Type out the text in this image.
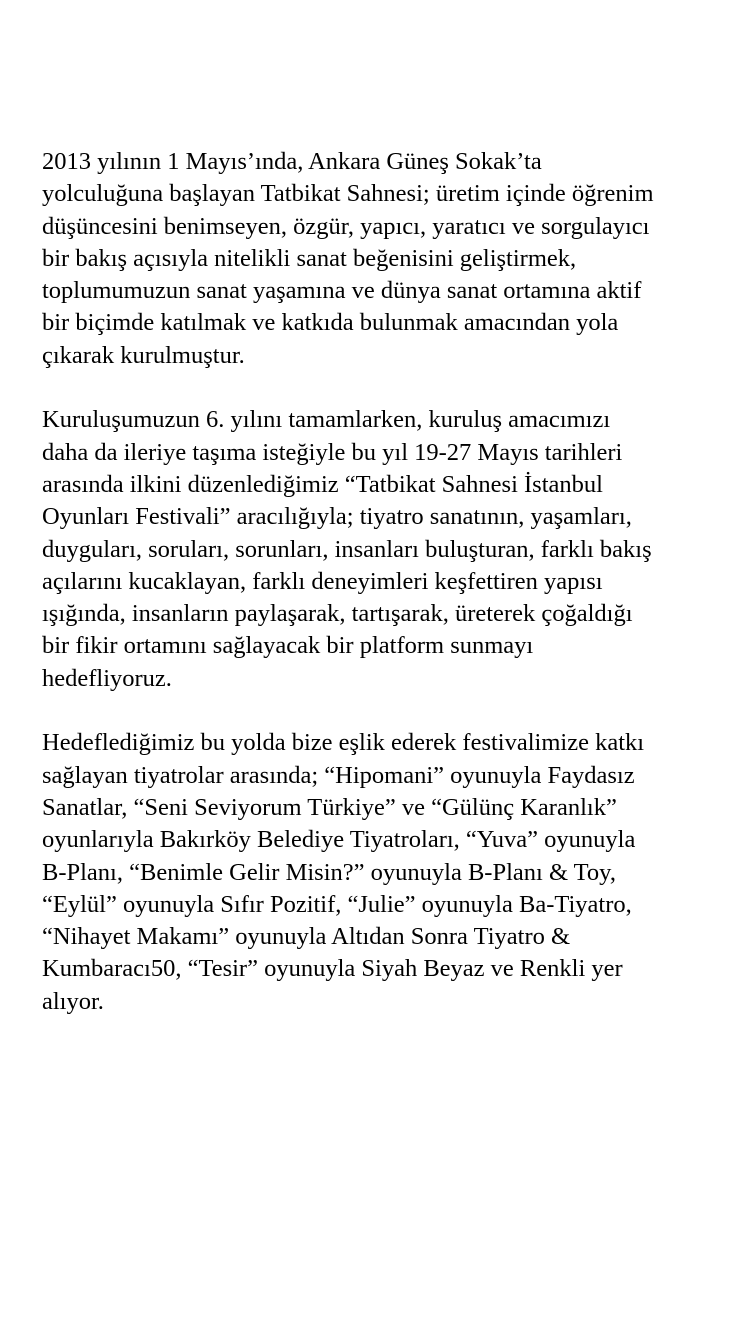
2013 yılının 1 Mayıs’ında, Ankara Güneş Sokak’ta
yolculuğuna başlayan Tatbikat Sahnesi; üretim içinde öğrenim
düşüncesini benimseyen, özgür, yapıcı, yaratıcı ve sorgulayıcı
bir bakış açısıyla nitelikli sanat beğenisini geliştirmek,
toplumumuzun sanat yaşamına ve dünya sanat ortamına aktif
bir biçimde katılmak ve katkıda bulunmak amacından yola
çıkarak kurulmuştur.

Kuruluşumuzun 6. yılını tamamlarken, kuruluş amacımızı
daha da ileriye taşıma isteğiyle bu yıl 19-27 Mayıs tarihleri
arasında ilkini düzenlediğimiz “Tatbikat Sahnesi İstanbul
Oyunları Festivali” aracılığıyla; tiyatro sanatının, yaşamları,
duyguları, soruları, sorunları, insanları buluşturan, farklı bakış
açılarını kucaklayan, farklı deneyimleri keşfettiren yapısı
ışığında, insanların paylaşarak, tartışarak, üreterek çoğaldığı
bir fikir ortamını sağlayacak bir platform sunmayı
hedefliyoruz.

Hedeflediğimiz bu yolda bize eşlik ederek festivalimize katkı
sağlayan tiyatrolar arasında; “Hipomani” oyunuyla Faydasız
Sanatlar, “Seni Seviyorum Türkiye” ve “Gülünç Karanlık”
oyunlarıyla Bakırköy Belediye Tiyatroları, “Yuva” oyunuyla
B-Planı, “Benimle Gelir Misin?” oyunuyla B-Planı & Toy,
“Eylül” oyunuyla Sıfır Pozitif, “Julie” oyunuyla Ba-Tiyatro,
“Nihayet Makamı” oyunuyla Altıdan Sonra Tiyatro &
Kumbaracı50, “Tesir” oyunuyla Siyah Beyaz ve Renkli yer
alıyor.
